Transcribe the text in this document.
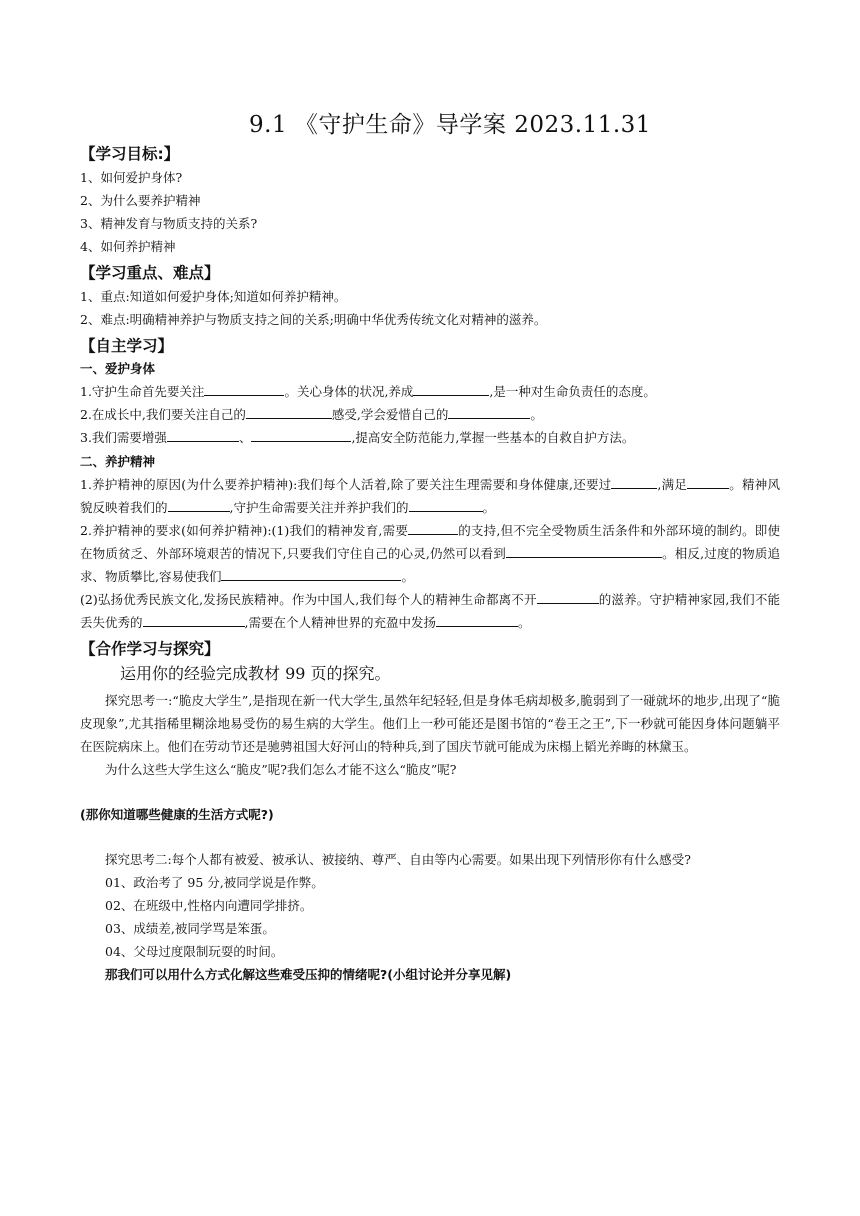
9.1 《守护生命》导学案 2023.11.31
【学习目标:】

1、如何爱护身体?

2、为什么要养护精神

3、精神发育与物质支持的关系?

4、如何养护精神

【学习重点、难点】

1、重点:知道如何爱护身体;知道如何养护精神。

2、难点:明确精神养护与物质支持之间的关系;明确中华优秀传统文化对精神的滋养。

【自主学习】
一、爱护身体

1.守护生命首先要关注	。关心身体的状况,养成	,是一种对生命负责任的态度。

2.在成长中,我们要关注自己的	感受,学会爱惜自己的	。

3.我们需要增强	、	,提高安全防范能力,掌握一些基本的自救自护方法。

二、养护精神

1.养护精神的原因(为什么要养护精神):我们每个人活着,除了要关注生理需要和身体健康,还要过	,满足	。精神风貌反映着我们的	,守护生命需要关注并养护我们的	。

2.养护精神的要求(如何养护精神):(1)我们的精神发育,需要	的支持,但不完全受物质生活条件和外部环境的制约。即使在物质贫乏、外部环境艰苦的情况下,只要我们守住自己的心灵,仍然可以看到	。相反,过度的物质追求、物质攀比,容易使我们	。

(2)弘扬优秀民族文化,发扬民族精神。作为中国人,我们每个人的精神生命都离不开	的滋养。守护精神家园,我们不能丢失优秀的	,需要在个人精神世界的充盈中发扬	。

【合作学习与探究】

运用你的经验完成教材 99 页的探究。

探究思考一:“脆皮大学生”,是指现在新一代大学生,虽然年纪轻轻,但是身体毛病却极多,脆弱到了一碰就坏的地步,出现了“脆皮现象”,尤其指稀里糊涂地易受伤的易生病的大学生。他们上一秒可能还是图书馆的“卷王之王”,下一秒就可能因身体问题躺平在医院病床上。他们在劳动节还是驰骋祖国大好河山的特种兵,到了国庆节就可能成为床榻上韬光养晦的林黛玉。

为什么这些大学生这么“脆皮”呢?我们怎么才能不这么“脆皮”呢?

(那你知道哪些健康的生活方式呢?)

探究思考二:每个人都有被爱、被承认、被接纳、尊严、自由等内心需要。如果出现下列情形你有什么感受?

01、政治考了 95 分,被同学说是作弊。

02、在班级中,性格内向遭同学排挤。

03、成绩差,被同学骂是笨蛋。

04、父母过度限制玩耍的时间。

那我们可以用什么方式化解这些难受压抑的情绪呢?(小组讨论并分享见解)
